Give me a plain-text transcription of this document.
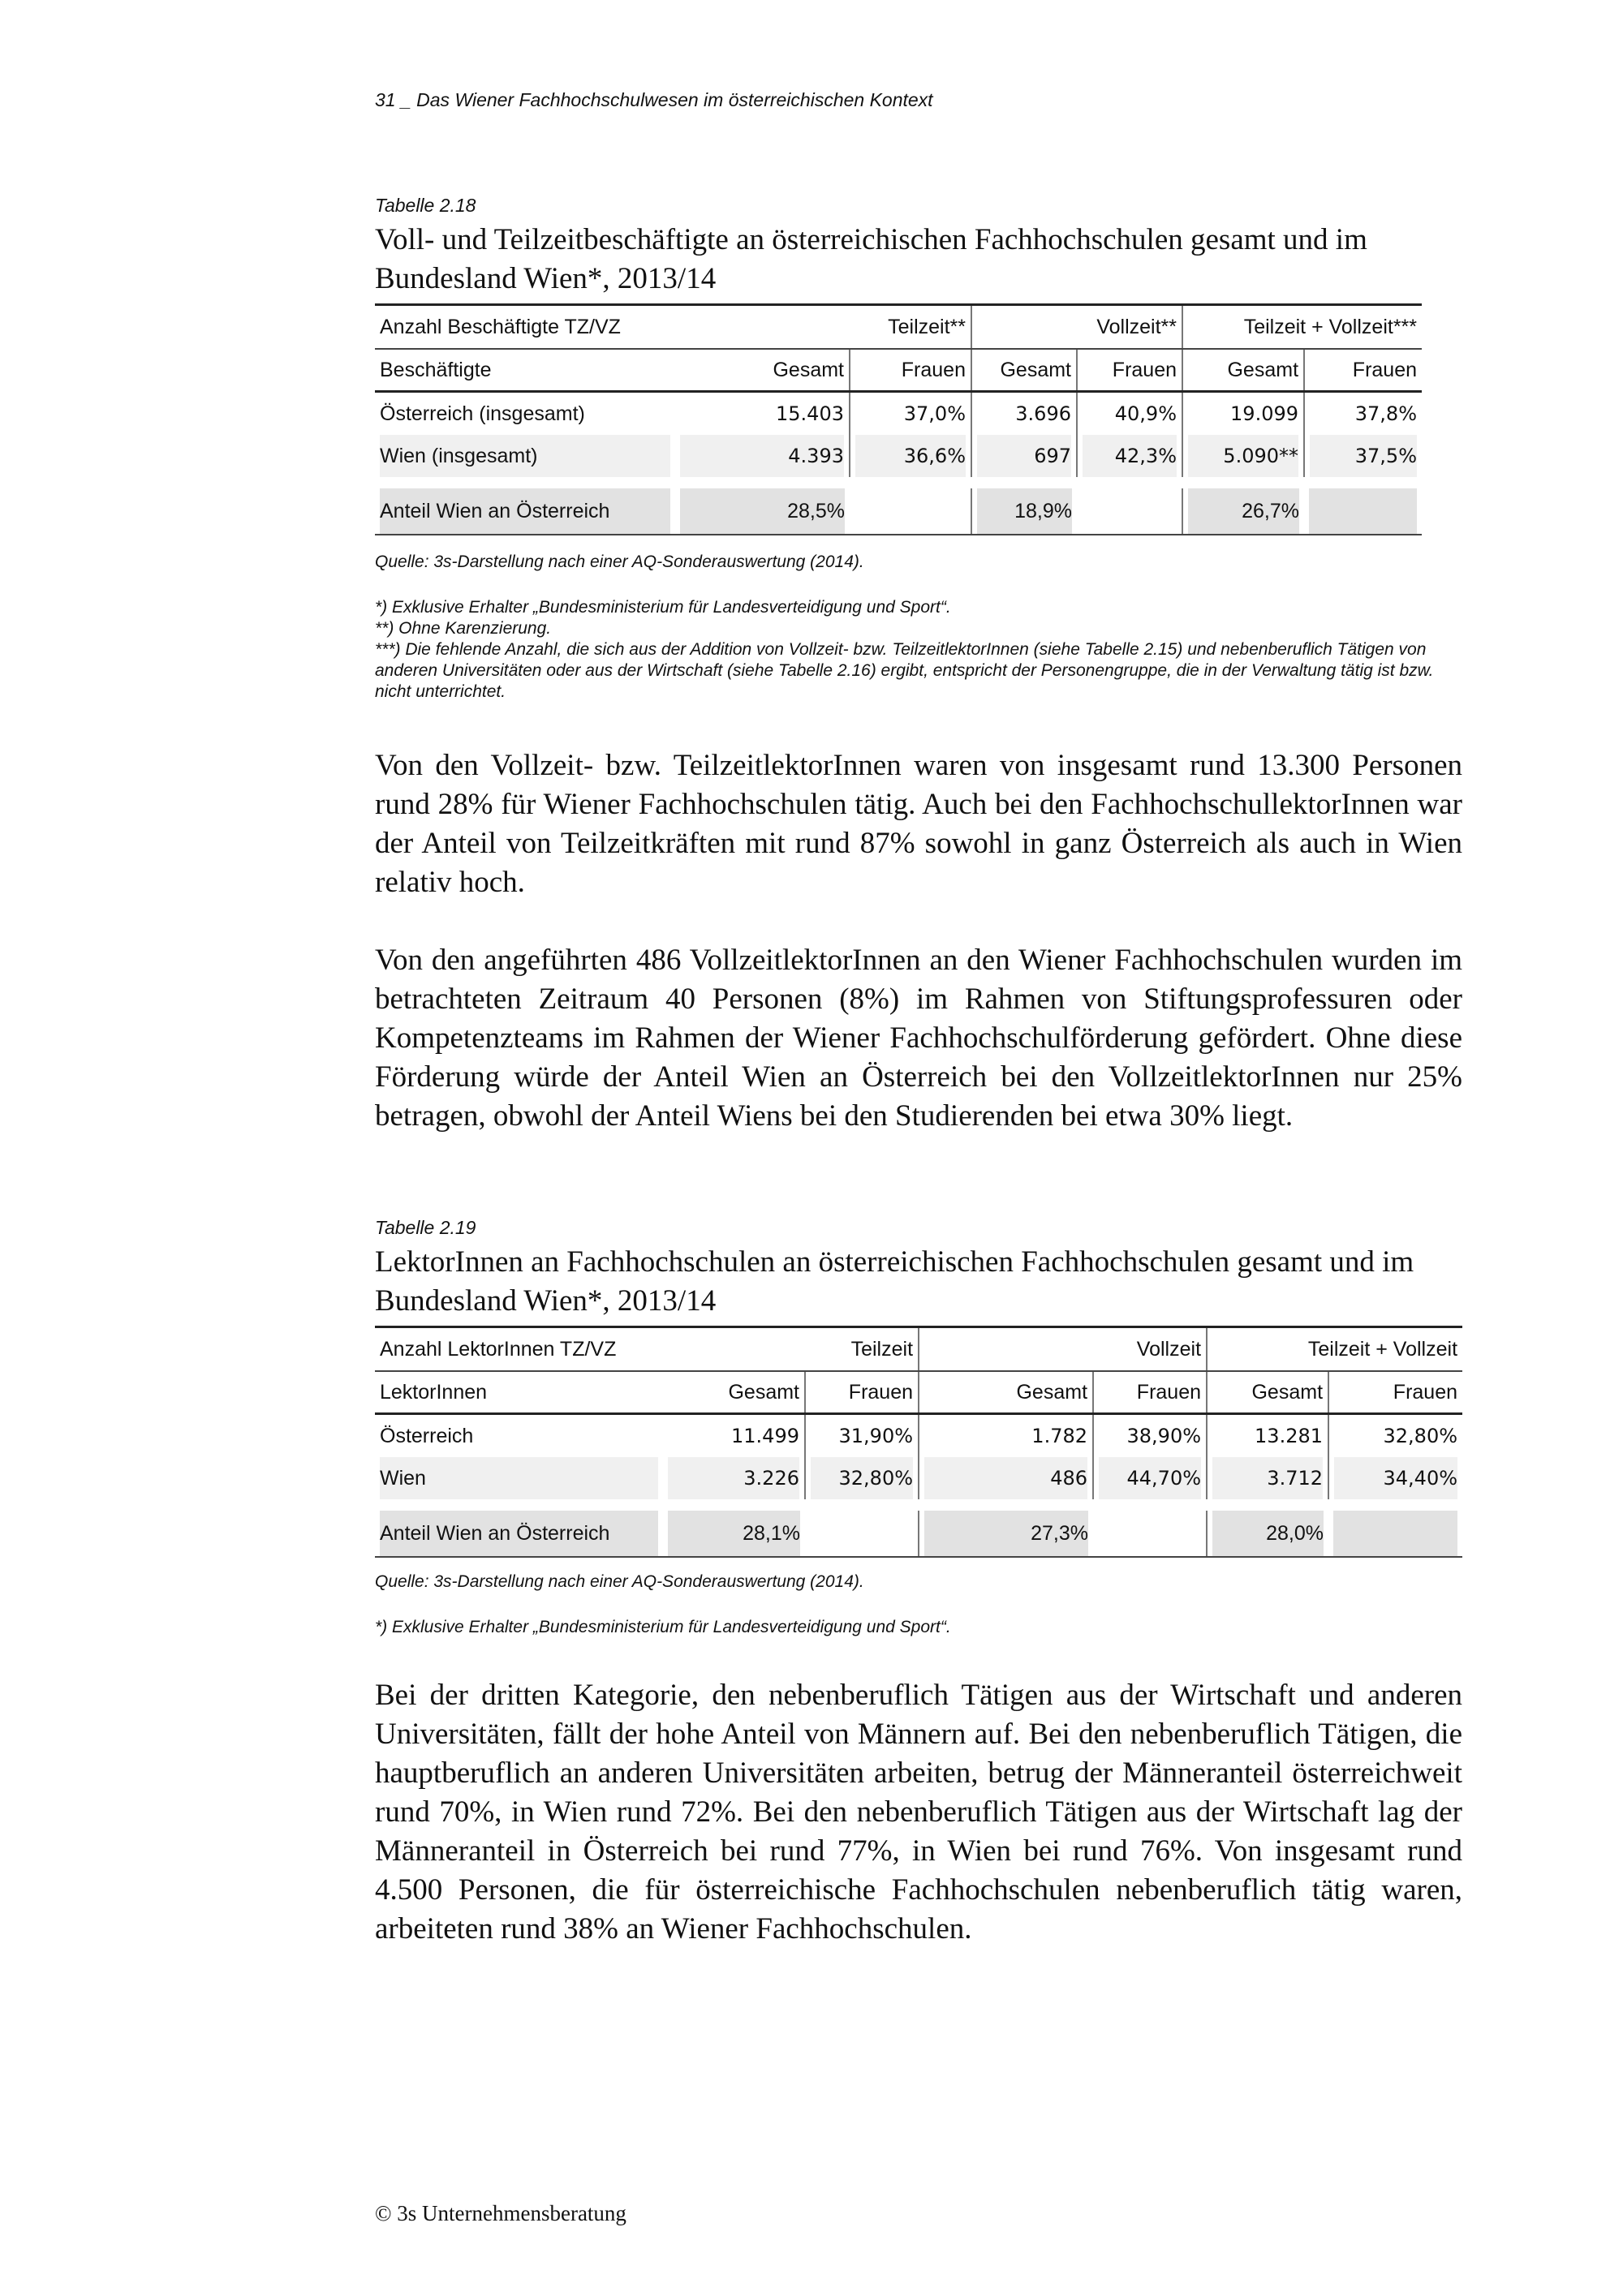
31 _ Das Wiener Fachhochschulwesen im österreichischen Kontext
Tabelle 2.18
Voll- und Teilzeitbeschäftigte an österreichischen Fachhochschulen gesamt und im Bundesland Wien*, 2013/14
Anzahl Beschäftigte TZ/VZ	Teilzeit**		Vollzeit**		Teilzeit + Vollzeit***	
Beschäftigte	Gesamt	Frauen	Gesamt	Frauen	Gesamt	Frauen
Österreich (insgesamt)	15.403	37,0%	3.696	40,9%	19.099	37,8%
Wien (insgesamt)	4.393	36,6%	697	42,3%	5.090**	37,5%

Anteil Wien an Österreich	28,5%		18,9%		26,7%	
Quelle: 3s-Darstellung nach einer AQ-Sonderauswertung (2014).
*) Exklusive Erhalter „Bundesministerium für Landesverteidigung und Sport“.
**) Ohne Karenzierung.
***) Die fehlende Anzahl, die sich aus der Addition von Vollzeit- bzw. TeilzeitlektorInnen (siehe Tabelle 2.15) und nebenberuflich Tätigen von anderen Universitäten oder aus der Wirtschaft (siehe Tabelle 2.16) ergibt, entspricht der Personengruppe, die in der Verwaltung tätig ist bzw. nicht unterrichtet.

Von den Vollzeit- bzw. TeilzeitlektorInnen waren von insgesamt rund 13.300 Personen rund 28% für Wiener Fachhochschulen tätig. Auch bei den FachhochschullektorInnen war der Anteil von Teilzeitkräften mit rund 87% sowohl in ganz Österreich als auch in Wien relativ hoch.

Von den angeführten 486 VollzeitlektorInnen an den Wiener Fachhochschulen wurden im betrachteten Zeitraum 40 Personen (8%) im Rahmen von Stiftungsprofessuren oder Kompetenzteams im Rahmen der Wiener Fachhochschulförderung gefördert. Ohne diese Förderung würde der Anteil Wien an Österreich bei den VollzeitlektorInnen nur 25% betragen, obwohl der Anteil Wiens bei den Studierenden bei etwa 30% liegt.

Tabelle 2.19
LektorInnen an Fachhochschulen an österreichischen Fachhochschulen gesamt und im Bundesland Wien*, 2013/14
Anzahl LektorInnen TZ/VZ	Teilzeit		Vollzeit		Teilzeit + Vollzeit	
LektorInnen	Gesamt	Frauen	Gesamt	Frauen	Gesamt	Frauen
Österreich	11.499	31,90%	1.782	38,90%	13.281	32,80%
Wien	3.226	32,80%	486	44,70%	3.712	34,40%

Anteil Wien an Österreich	28,1%		27,3%		28,0%	
Quelle: 3s-Darstellung nach einer AQ-Sonderauswertung (2014).
*) Exklusive Erhalter „Bundesministerium für Landesverteidigung und Sport“.

Bei der dritten Kategorie, den nebenberuflich Tätigen aus der Wirtschaft und anderen Universitäten, fällt der hohe Anteil von Männern auf. Bei den nebenberuflich Tätigen, die hauptberuflich an anderen Universitäten arbeiten, betrug der Männeranteil österreichweit rund 70%, in Wien rund 72%. Bei den nebenberuflich Tätigen aus der Wirtschaft lag der Männeranteil in Österreich bei rund 77%, in Wien bei rund 76%. Von insgesamt rund 4.500 Personen, die für österreichische Fachhochschulen nebenberuflich tätig waren, arbeiteten rund 38% an Wiener Fachhochschulen.

© 3s Unternehmensberatung
